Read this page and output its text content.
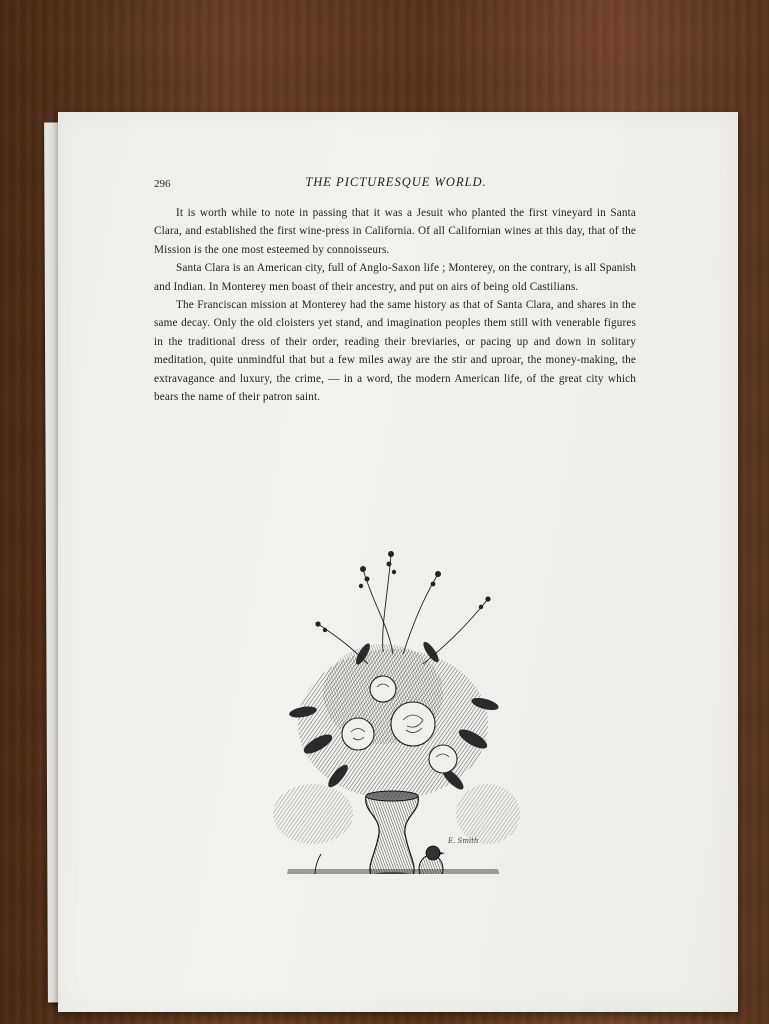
296	THE PICTURESQUE WORLD.

It is worth while to note in passing that it was a Jesuit who planted the first vineyard in Santa Clara, and established the first wine-press in California. Of all Californian wines at this day, that of the Mission is the one most esteemed by connoisseurs.

Santa Clara is an American city, full of Anglo-Saxon life ; Monterey, on the contrary, is all Spanish and Indian. In Monterey men boast of their ancestry, and put on airs of being old Castilians.

The Franciscan mission at Monterey had the same history as that of Santa Clara, and shares in the same decay. Only the old cloisters yet stand, and imagination peoples them still with venerable figures in the traditional dress of their order, reading their breviaries, or pacing up and down in solitary meditation, quite unmindful that but a few miles away are the stir and uproar, the money-making, the extravagance and luxury, the crime, — in a word, the modern American life, of the great city which bears the name of their patron saint.

E. Smith
